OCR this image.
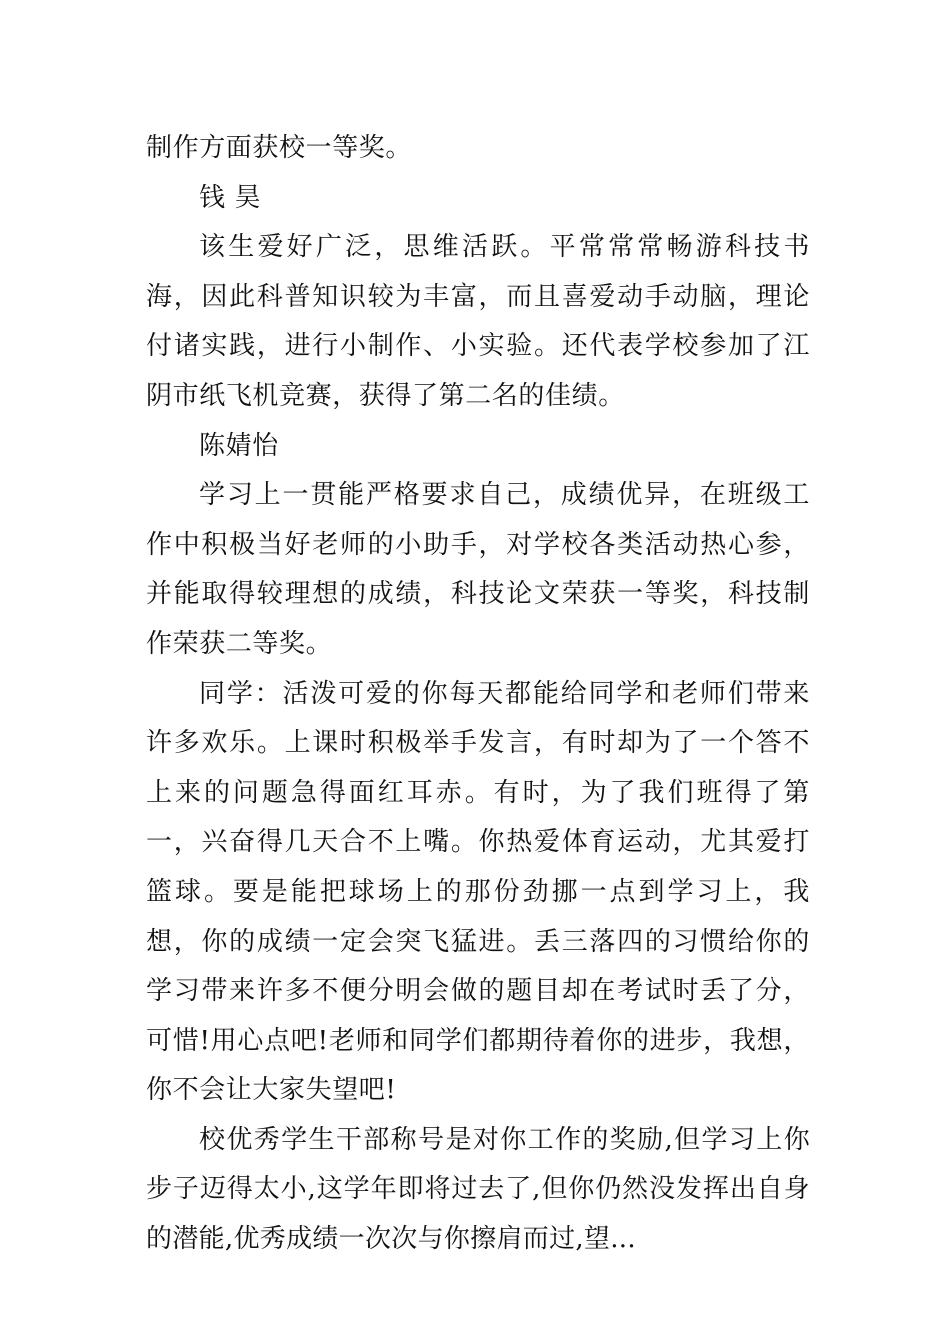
制作方面获校一等奖。

钱 昊

该生爱好广泛，思维活跃。平常常常畅游科技书海，因此科普知识较为丰富，而且喜爱动手动脑，理论付诸实践，进行小制作、小实验。还代表学校参加了江阴市纸飞机竞赛，获得了第二名的佳绩。

陈婧怡

学习上一贯能严格要求自己，成绩优异，在班级工作中积极当好老师的小助手，对学校各类活动热心参，并能取得较理想的成绩，科技论文荣获一等奖，科技制作荣获二等奖。

同学：活泼可爱的你每天都能给同学和老师们带来许多欢乐。上课时积极举手发言，有时却为了一个答不上来的问题急得面红耳赤。有时，为了我们班得了第一，兴奋得几天合不上嘴。你热爱体育运动，尤其爱打篮球。要是能把球场上的那份劲挪一点到学习上，我想，你的成绩一定会突飞猛进。丢三落四的习惯给你的学习带来许多不便分明会做的题目却在考试时丢了分，可惜!用心点吧!老师和同学们都期待着你的进步，我想，你不会让大家失望吧!

校优秀学生干部称号是对你工作的奖励,但学习上你步子迈得太小,这学年即将过去了,但你仍然没发挥出自身的潜能,优秀成绩一次次与你擦肩而过,望...
